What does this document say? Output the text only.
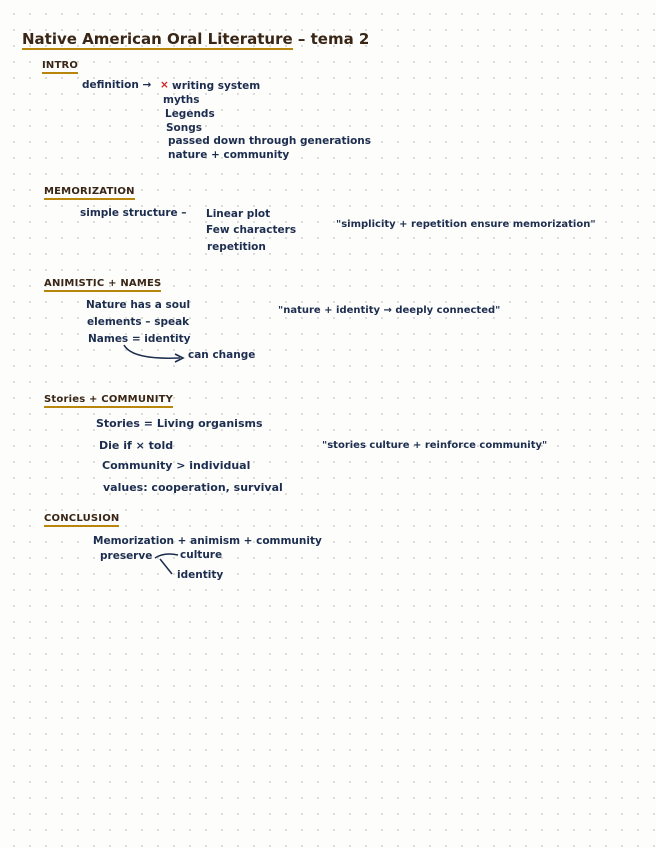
Native American Oral Literature – tema 2
INTRO
definition → × writing system
myths
Legends
Songs
passed down through generations
nature + community
MEMORIZATION
simple structure – Linear plot
Few characters
repetition
"simplicity + repetition ensure memorization"
ANIMISTIC + NAMES
Nature has a soul
elements – speak
Names = identity
can change
"nature + identity → deeply connected"
Stories + COMMUNITY
Stories = Living organisms
Die if × told
Community > individual
values: cooperation, survival
"stories culture + reinforce community"
CONCLUSION
Memorization + animism + community
preserve	culture
identity
